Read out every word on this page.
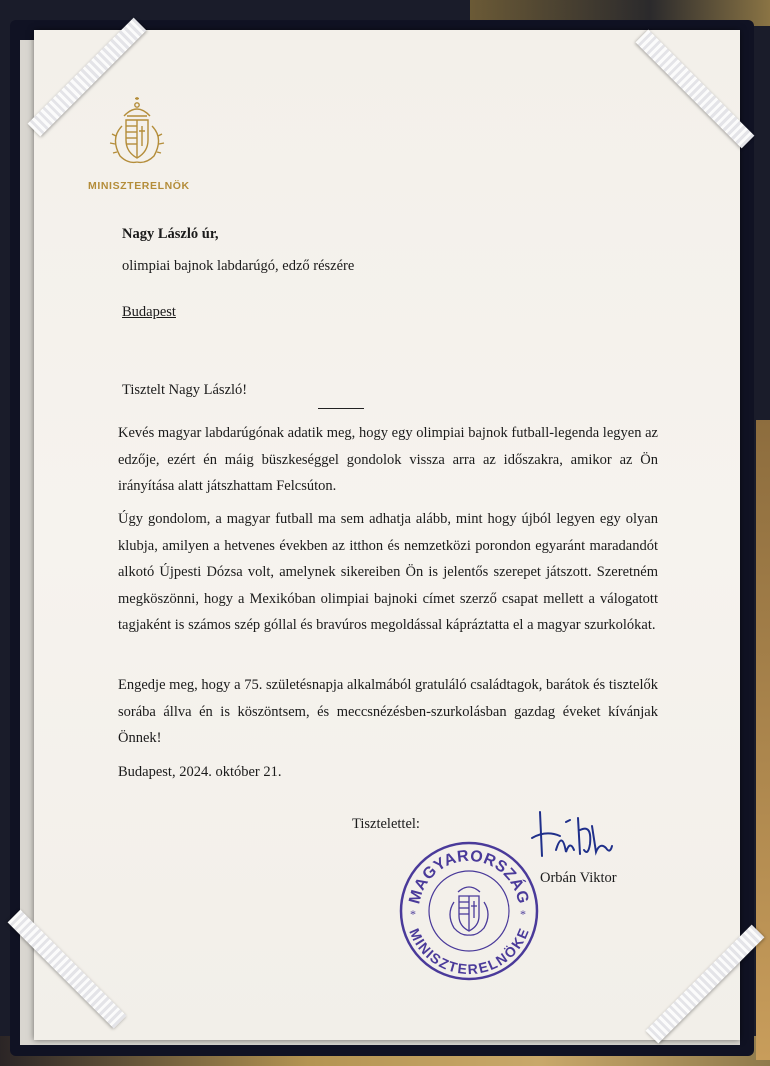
MINISZTERELNÖK
Nagy László úr,
olimpiai bajnok labdarúgó, edző részére
Budapest
Tisztelt Nagy László!

Kevés magyar labdarúgónak adatik meg, hogy egy olimpiai bajnok futball-legenda legyen az edzője, ezért én máig büszkeséggel gondolok vissza arra az időszakra, amikor az Ön irányítása alatt játszhattam Felcsúton.

Úgy gondolom, a magyar futball ma sem adhatja alább, mint hogy újból legyen egy olyan klubja, amilyen a hetvenes években az itthon és nemzetközi porondon egyaránt maradandót alkotó Újpesti Dózsa volt, amelynek sikereiben Ön is jelentős szerepet játszott. Szeretném megköszönni, hogy a Mexikóban olimpiai bajnoki címet szerző csapat mellett a válogatott tagjaként is számos szép góllal és bravúros megoldással kápráztatta el a magyar szurkolókat.

Engedje meg, hogy a 75. születésnapja alkalmából gratuláló családtagok, barátok és tisztelők sorába állva én is köszöntsem, és meccsnézésben-szurkolásban gazdag éveket kívánjak Önnek!

Budapest, 2024. október 21.
Tisztelettel:
Orbán Viktor
MAGYARORSZÁG
MINISZTERELNÖKE
*	*
